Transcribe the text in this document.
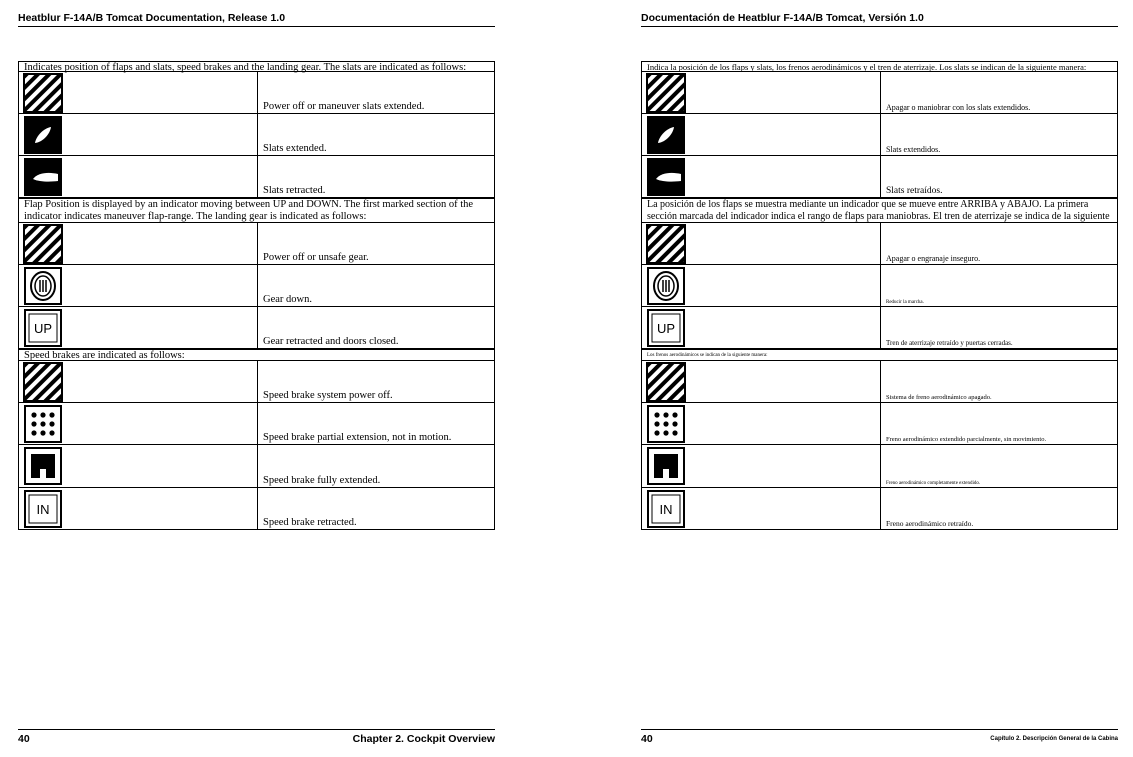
Heatblur F-14A/B Tomcat Documentation, Release 1.0
Indicates position of flaps and slats, speed brakes and the landing gear. The slats are indicated as follows:
Power off or maneuver slats extended.
Slats extended.
Slats retracted.
Flap Position is displayed by an indicator moving between UP and DOWN. The first marked section of the indicator indicates maneuver flap-range. The landing gear is indicated as follows:
Power off or unsafe gear.
Gear down.
UP
Gear retracted and doors closed.
Speed brakes are indicated as follows:
Speed brake system power off.
Speed brake partial extension, not in motion.
Speed brake fully extended.
IN
Speed brake retracted.
40	Chapter 2. Cockpit Overview
Documentación de Heatblur F-14A/B Tomcat, Versión 1.0
Indica la posición de los flaps y slats, los frenos aerodinámicos y el tren de aterrizaje. Los slats se indican de la siguiente manera:
Apagar o maniobrar con los slats extendidos.
Slats extendidos.
Slats retraídos.
La posición de los flaps se muestra mediante un indicador que se mueve entre ARRIBA y ABAJO. La primera sección marcada del indicador indica el rango de flaps para maniobras. El tren de aterrizaje se indica de la siguiente
Apagar o engranaje inseguro.
Reducir la marcha.
UP
Tren de aterrizaje retraído y puertas cerradas.
Los frenos aerodinámicos se indican de la siguiente manera:
Sistema de freno aerodinámico apagado.
Freno aerodinámico extendido parcialmente, sin movimiento.
Freno aerodinámico completamente extendido.
IN
Freno aerodinámico retraído.
40	Capítulo 2. Descripción General de la Cabina
